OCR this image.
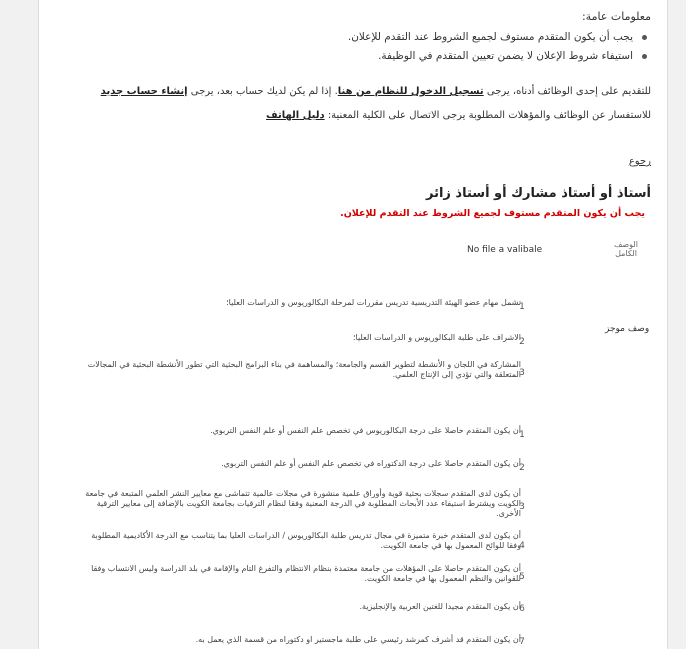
معلومات عامة:
يجب أن يكون المتقدم مستوف لجميع الشروط عند التقدم للإعلان.
استيفاء شروط الإعلان لا يضمن تعيين المتقدم في الوظيفة.
للتقديم على إحدى الوظائف أدناه، يرجى تسجيل الدخول للنظام من هنا. إذا لم يكن لديك حساب بعد، يرجى إنشاء حساب جديد
للاستفسار عن الوظائف والمؤهلات المطلوبة يرجى الاتصال على الكلية المعنية: دليل الهاتف
رجوع
أستاذ أو أستاذ مشارك أو أستاذ زائر
يجب أن يكون المتقدم مستوف لجميع الشروط عند التقدم للإعلان.
الوصف الكامل
No file a valibale
وصف موجز
تشمل مهام عضو الهيئة التدريسية تدريس مقررات لمرحلة البكالوريوس و الدراسات العليا؛
‏ 1
الاشراف على طلبة البكالوريوس و الدراسات العليا؛
‏ 2
المشاركة في اللجان و الأنشطة لتطوير القسم والجامعة؛ والمساهمة في بناء البرامج البحثية التي تطور الأنشطة البحثية في المجالات المتعلقة والتي تؤدي إلى الإنتاج العلمي.
‏ 3
أن يكون المتقدم حاصلا على درجة البكالوريوس في تخصص علم النفس أو علم النفس التربوي.
‏ 1
أن يكون المتقدم حاصلا على درجة الدكتوراه في تخصص علم النفس أو علم النفس التربوي.
‏ 2
أن يكون لدى المتقدم سجلات بحثية قوية وأوراق علمية منشورة في مجلات عالمية تتماشى مع معايير النشر العلمي المتبعة في جامعة الكويت ويشترط استيفاء عدد الأبحاث المطلوبة في الدرجة المعنية وفقا لنظام الترقيات بجامعة الكويت بالإضافة إلى معايير الترقية الأخرى.
‏ 3
أن يكون لدى المتقدم خبرة متميزة في مجال تدريس طلبة البكالوريوس / الدراسات العليا بما يتناسب مع الدرجة الأكاديمية المطلوبة وفقا للوائح المعمول بها في جامعة الكويت.
‏ 4
أن يكون المتقدم حاصلا على المؤهلات من جامعة معتمدة بنظام الانتظام والتفرغ التام والإقامة في بلد الدراسة وليس الانتساب وفقا للقوانين والنظم المعمول بها في جامعة الكويت.
‏ 5
أن يكون المتقدم مجيدا للغتين العربية والإنجليزية.
‏ 6
أن يكون المتقدم قد أشرف كمرشد رئيسي على طلبة ماجستير او دكتوراه من قسمة الذي يعمل به.
‏ 7
